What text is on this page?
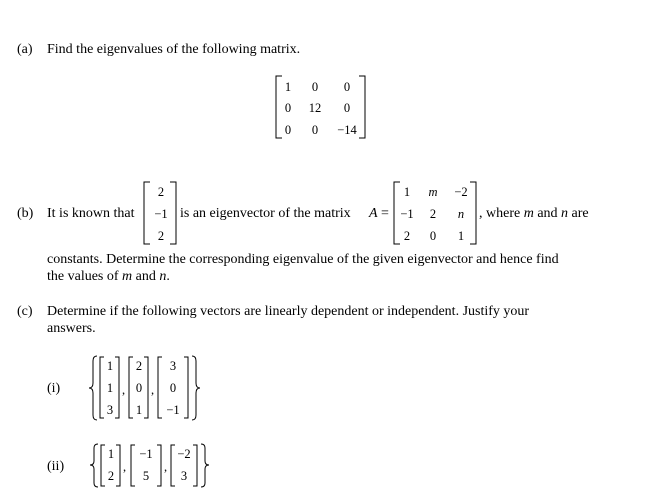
(a) Find the eigenvalues of the following matrix.
1	0	0
0	12	0
0	0	−14
(b) It is known that
2
−1
2
is an eigenvector of the matrix A =
1	m	−2
−1	2	n
2	0	1
, where m and n are
constants. Determine the corresponding eigenvalue of the given eigenvector and hence find
the values of m and n.
(c) Determine if the following vectors are linearly dependent or independent. Justify your
answers.
(i)
1
1
3
,
2
0
1
,
3
0
−1
(ii)
1
2
,
−1
5
,
−2
3
